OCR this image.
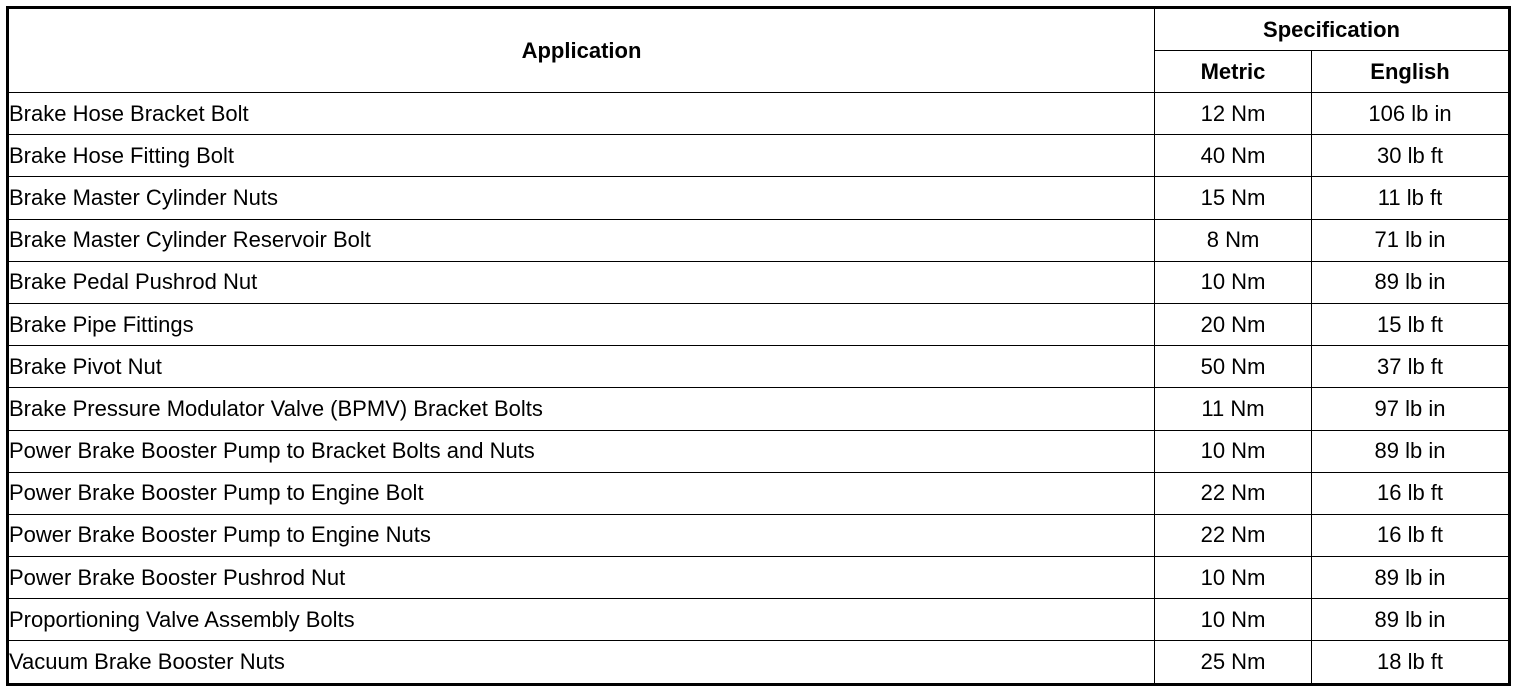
Application	Specification	
	Metric	English
Brake Hose Bracket Bolt	12 Nm	106 lb in
Brake Hose Fitting Bolt	40 Nm	30 lb ft
Brake Master Cylinder Nuts	15 Nm	11 lb ft
Brake Master Cylinder Reservoir Bolt	8 Nm	71 lb in
Brake Pedal Pushrod Nut	10 Nm	89 lb in
Brake Pipe Fittings	20 Nm	15 lb ft
Brake Pivot Nut	50 Nm	37 lb ft
Brake Pressure Modulator Valve (BPMV) Bracket Bolts	11 Nm	97 lb in
Power Brake Booster Pump to Bracket Bolts and Nuts	10 Nm	89 lb in
Power Brake Booster Pump to Engine Bolt	22 Nm	16 lb ft
Power Brake Booster Pump to Engine Nuts	22 Nm	16 lb ft
Power Brake Booster Pushrod Nut	10 Nm	89 lb in
Proportioning Valve Assembly Bolts	10 Nm	89 lb in
Vacuum Brake Booster Nuts	25 Nm	18 lb ft
